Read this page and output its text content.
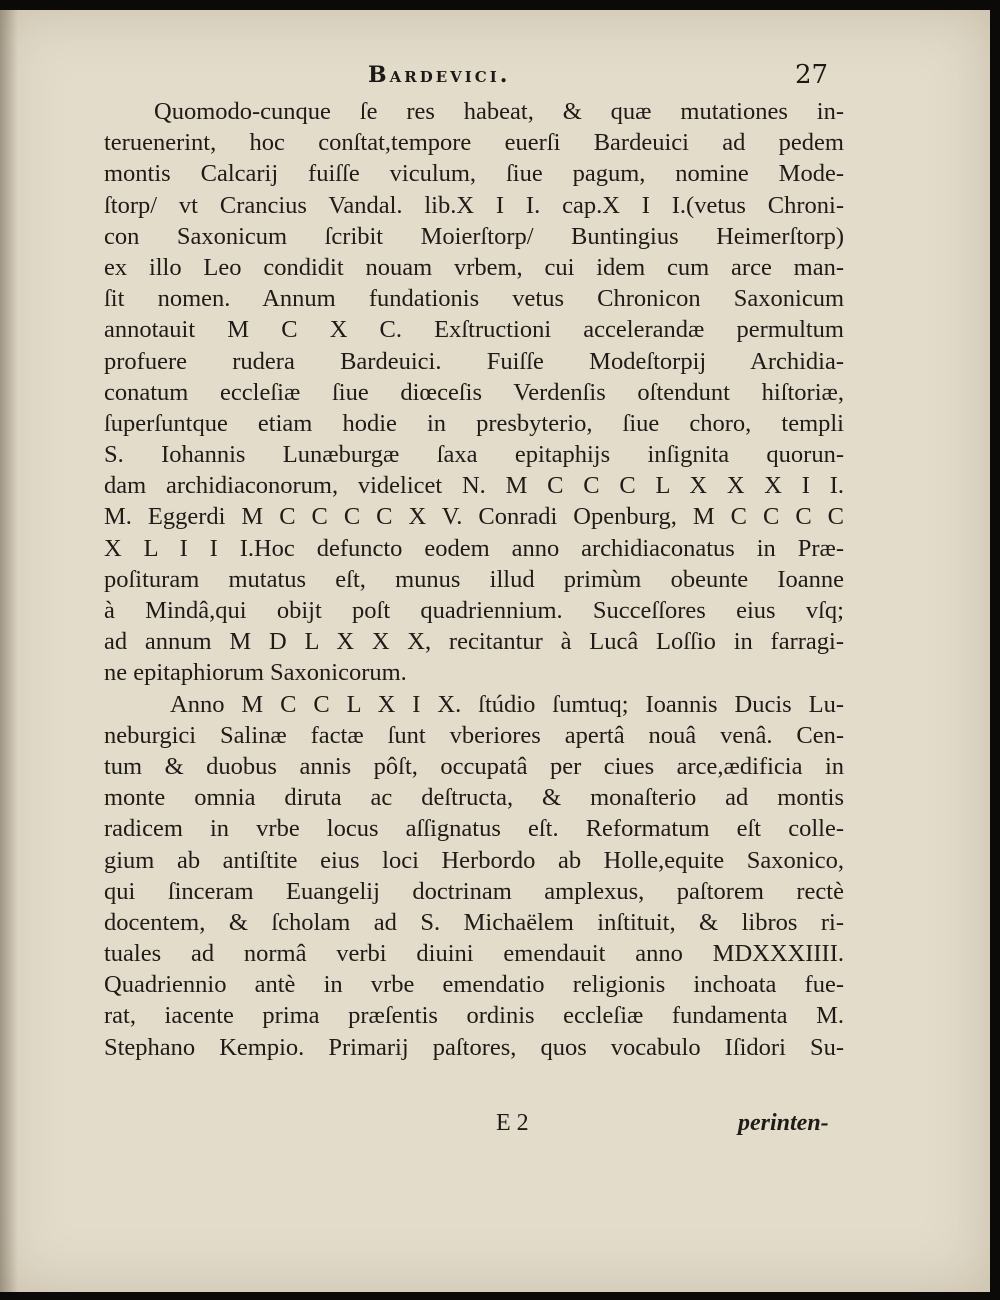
Bardevici.	27
Quomodo-cunque ſe res habeat, & quæ mutationes in-
teruenerint, hoc conſtat,tempore euerſi Bardeuici ad pedem
montis Calcarij fuiſſe viculum, ſiue pagum, nomine Mode-
ſtorp/ vt Crancius Vandal. lib.X I I. cap.X I I.(vetus Chroni-
con Saxonicum ſcribit Moierſtorp/ Buntingius Heimerſtorp)
ex illo Leo condidit nouam vrbem, cui idem cum arce man-
ſit nomen. Annum fundationis vetus Chronicon Saxonicum
annotauit M C X C. Exſtructioni accelerandæ permultum
profuere rudera Bardeuici. Fuiſſe Modeſtorpij Archidia-
conatum eccleſiæ ſiue diœceſis Verdenſis oſtendunt hiſtoriæ,
ſuperſuntque etiam hodie in presbyterio, ſiue choro, templi
S. Iohannis Lunæburgæ ſaxa epitaphijs inſignita quorun-
dam archidiaconorum, videlicet N. M C C C L X X X I I.
M. Eggerdi M C C C C X V. Conradi Openburg, M C C C C
X L I I I.Hoc defuncto eodem anno archidiaconatus in Præ-
poſituram mutatus eſt, munus illud primùm obeunte Ioanne
à Mindâ,qui obijt poſt quadriennium. Succeſſores eius vſq;
ad annum M D L X X X, recitantur à Lucâ Loſſio in farragi-
ne epitaphiorum Saxonicorum.
Anno M C C L X I X. ſtúdio ſumtuq; Ioannis Ducis Lu-
neburgici Salinæ factæ ſunt vberiores apertâ nouâ venâ. Cen-
tum & duobus annis pôſt, occupatâ per ciues arce,ædificia in
monte omnia diruta ac deſtructa, & monaſterio ad montis
radicem in vrbe locus aſſignatus eſt. Reformatum eſt colle-
gium ab antiſtite eius loci Herbordo ab Holle,equite Saxonico,
qui ſinceram Euangelij doctrinam amplexus, paſtorem rectè
docentem, & ſcholam ad S. Michaëlem inſtituit, & libros ri-
tuales ad normâ verbi diuini emendauit anno MDXXXIIII.
Quadriennio antè in vrbe emendatio religionis inchoata fue-
rat, iacente prima præſentis ordinis eccleſiæ fundamenta M.
Stephano Kempio. Primarij paſtores, quos vocabulo Iſidori Su-
E 2	perinten-
